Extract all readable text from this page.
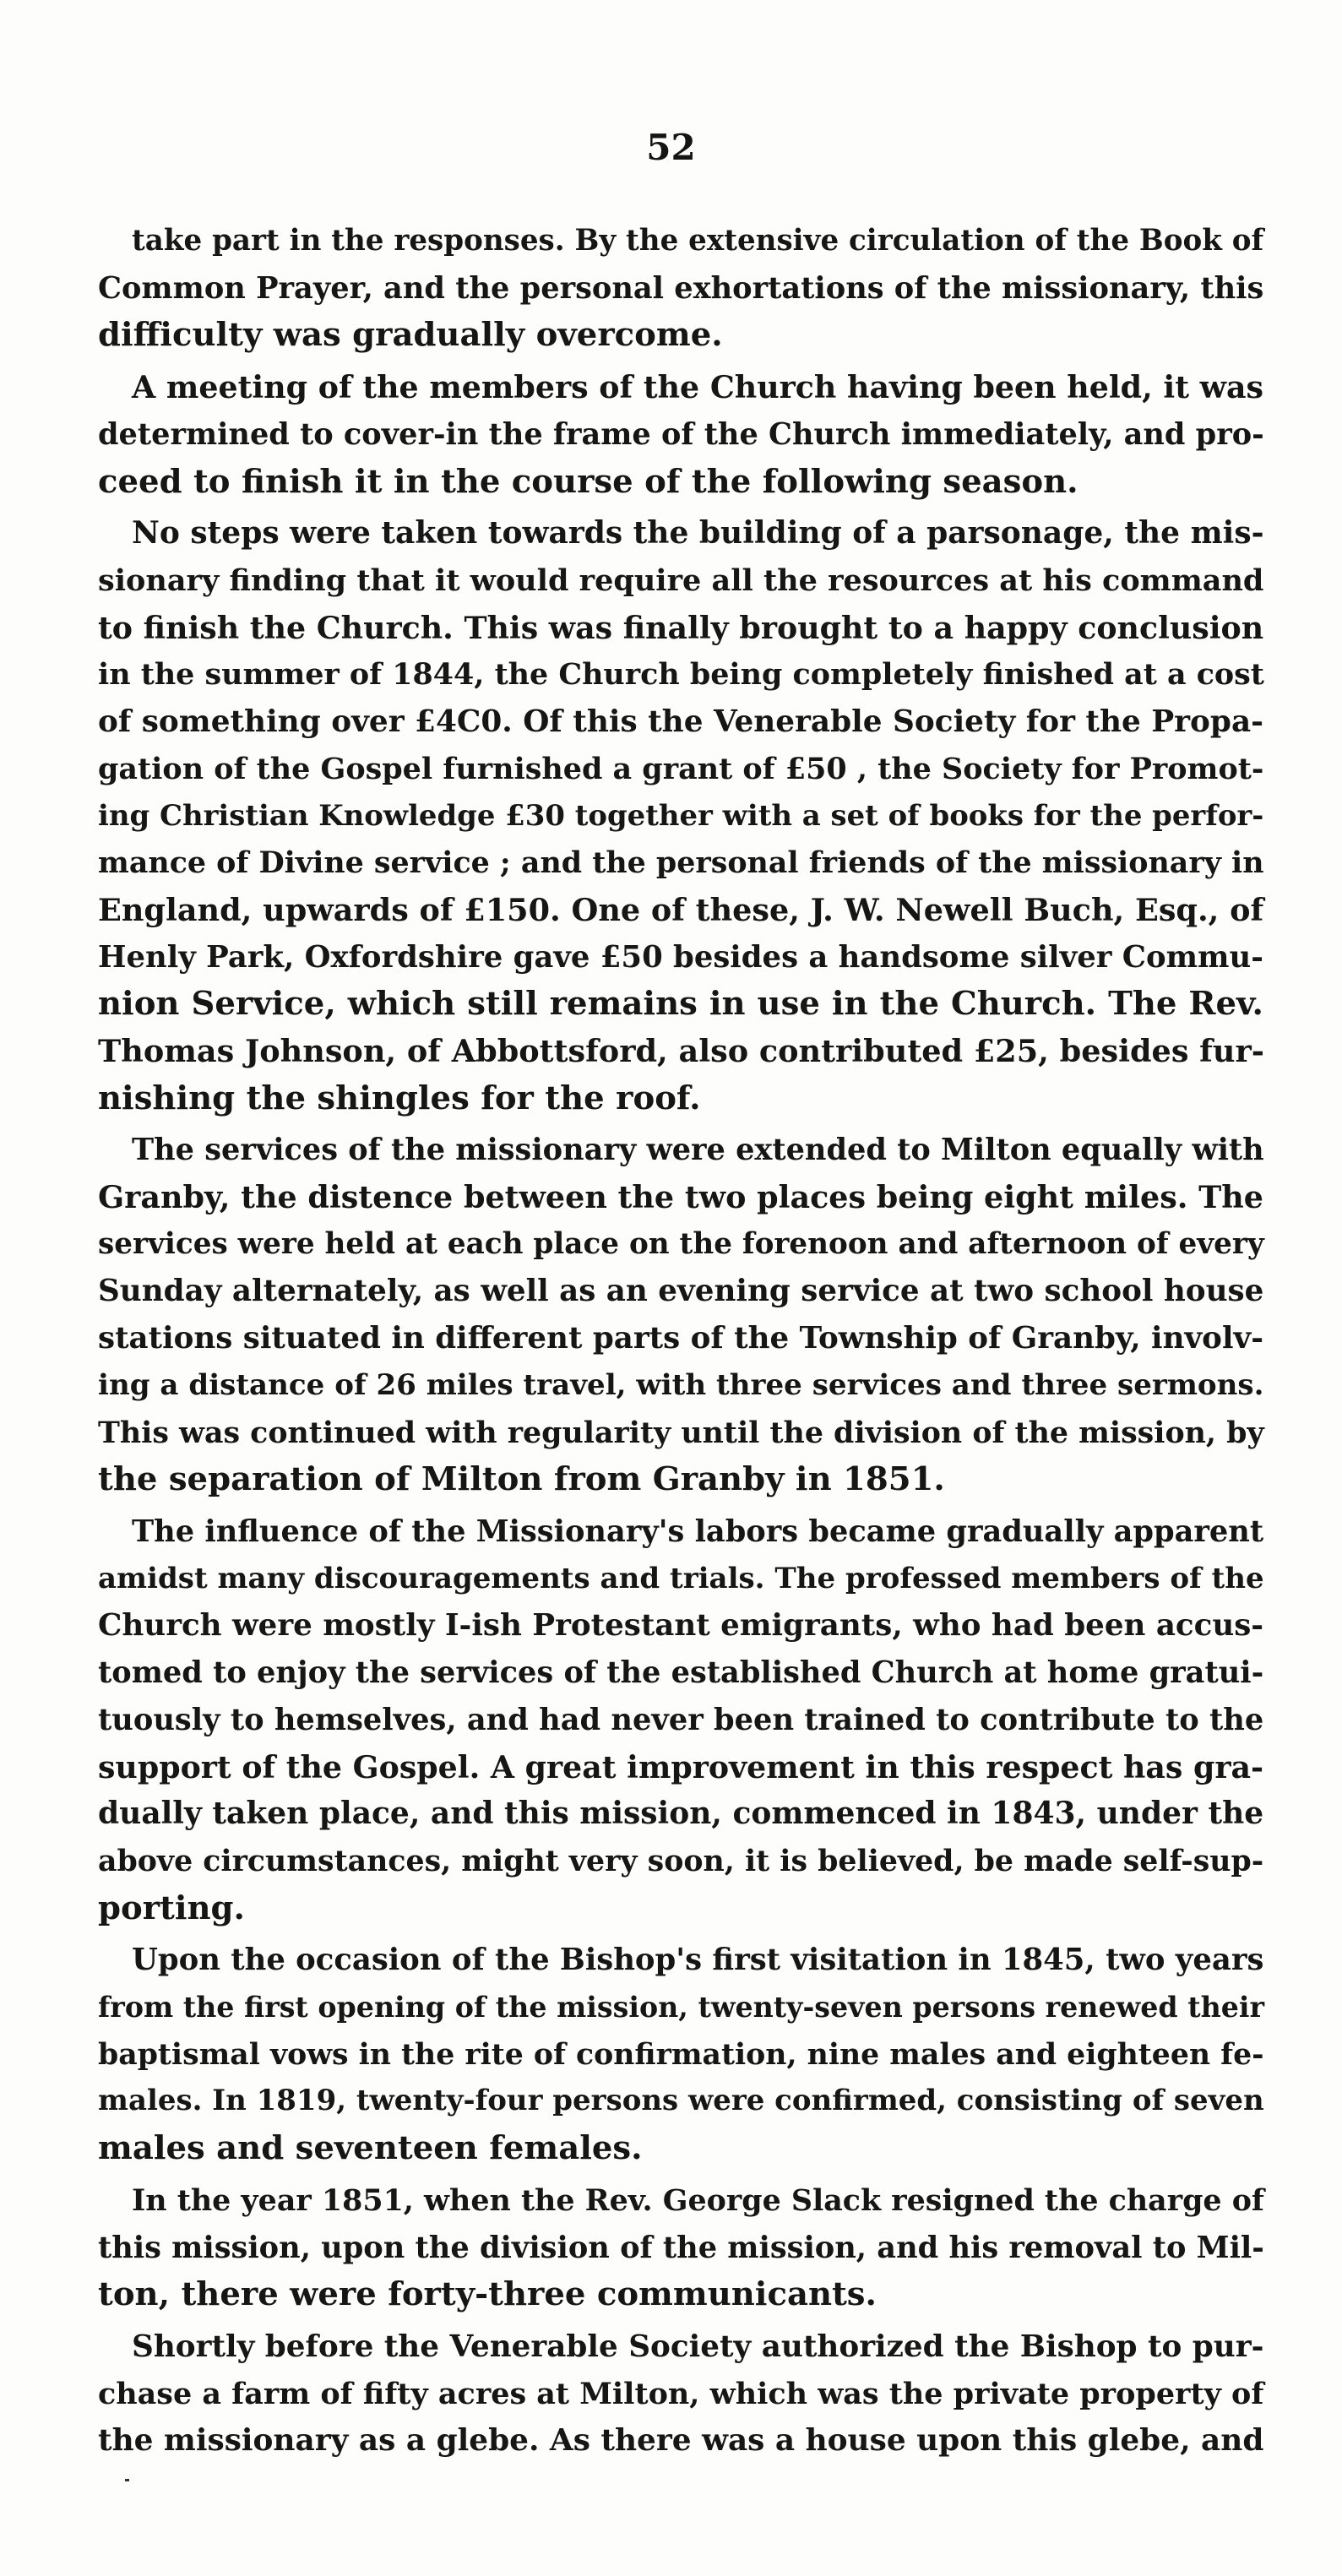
52
take part in the responses. By the extensive circulation of the Book of
Common Prayer, and the personal exhortations of the missionary, this
difficulty was gradually overcome.
A meeting of the members of the Church having been held, it was
determined to cover-in the frame of the Church immediately, and pro-
ceed to finish it in the course of the following season.
No steps were taken towards the building of a parsonage, the mis-
sionary finding that it would require all the resources at his command
to finish the Church. This was finally brought to a happy conclusion
in the summer of 1844, the Church being completely finished at a cost
of something over £4C0. Of this the Venerable Society for the Propa-
gation of the Gospel furnished a grant of £50 , the Society for Promot-
ing Christian Knowledge £30 together with a set of books for the perfor-
mance of Divine service ; and the personal friends of the missionary in
England, upwards of £150. One of these, J. W. Newell Buch, Esq., of
Henly Park, Oxfordshire gave £50 besides a handsome silver Commu-
nion Service, which still remains in use in the Church. The Rev.
Thomas Johnson, of Abbottsford, also contributed £25, besides fur-
nishing the shingles for the roof.
The services of the missionary were extended to Milton equally with
Granby, the distence between the two places being eight miles. The
services were held at each place on the forenoon and afternoon of every
Sunday alternately, as well as an evening service at two school house
stations situated in different parts of the Township of Granby, involv-
ing a distance of 26 miles travel, with three services and three sermons.
This was continued with regularity until the division of the mission, by
the separation of Milton from Granby in 1851.
The influence of the Missionary's labors became gradually apparent
amidst many discouragements and trials. The professed members of the
Church were mostly I-ish Protestant emigrants, who had been accus-
tomed to enjoy the services of the established Church at home gratui-
tuously to hemselves, and had never been trained to contribute to the
support of the Gospel. A great improvement in this respect has gra-
dually taken place, and this mission, commenced in 1843, under the
above circumstances, might very soon, it is believed, be made self-sup-
porting.
Upon the occasion of the Bishop's first visitation in 1845, two years
from the first opening of the mission, twenty-seven persons renewed their
baptismal vows in the rite of confirmation, nine males and eighteen fe-
males. In 1819, twenty-four persons were confirmed, consisting of seven
males and seventeen females.
In the year 1851, when the Rev. George Slack resigned the charge of
this mission, upon the division of the mission, and his removal to Mil-
ton, there were forty-three communicants.
Shortly before the Venerable Society authorized the Bishop to pur-
chase a farm of fifty acres at Milton, which was the private property of
the missionary as a glebe. As there was a house upon this glebe, and
